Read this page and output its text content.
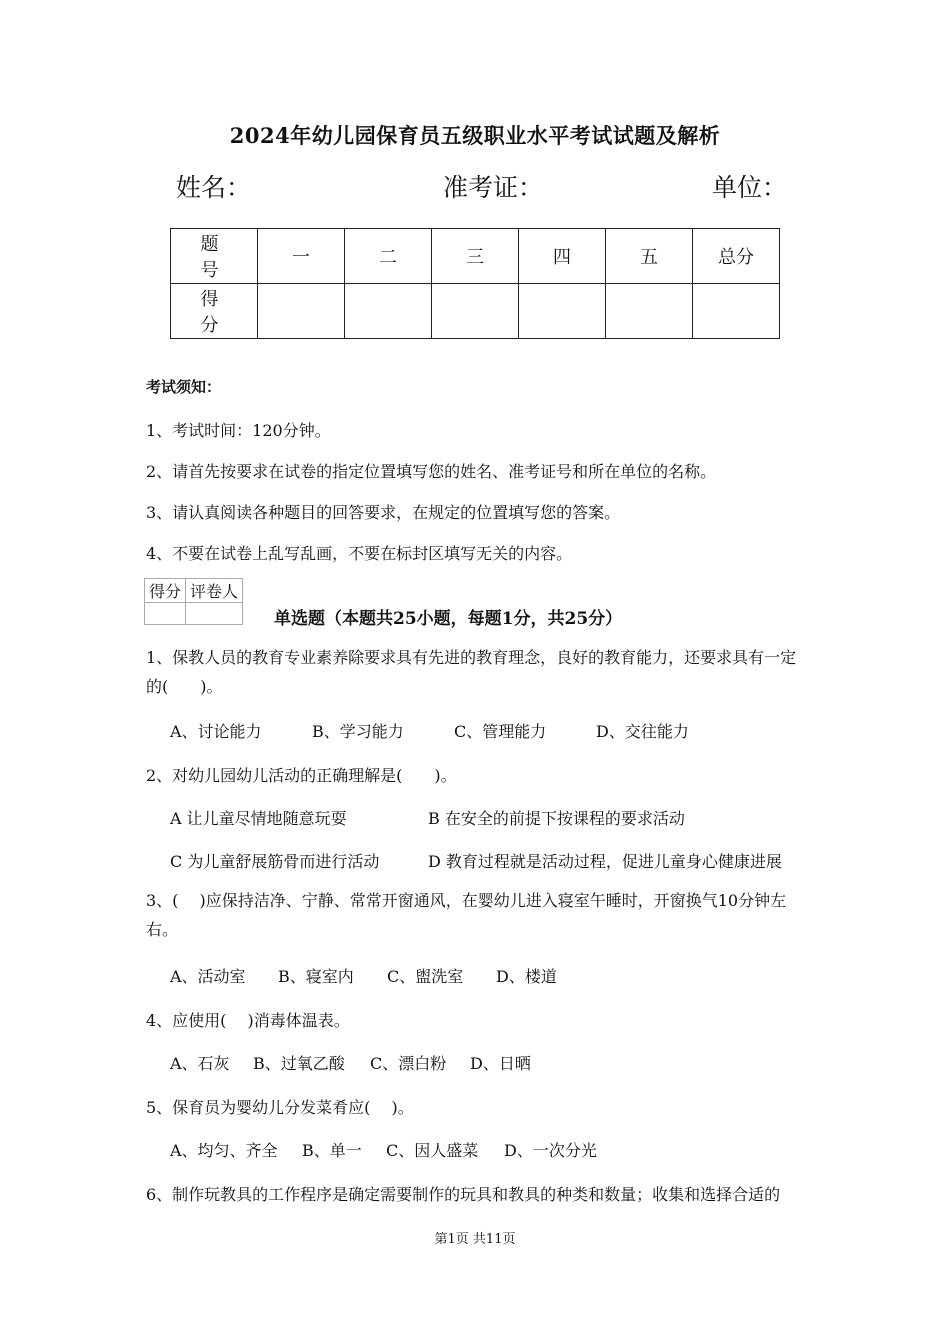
2024年幼儿园保育员五级职业水平考试试题及解析
姓名：	准考证：	单位：
题　号	一	二	三	四	五	总分
得　分						
考试须知：
1、考试时间：120分钟。
2、请首先按要求在试卷的指定位置填写您的姓名、准考证号和所在单位的名称。
3、请认真阅读各种题目的回答要求，在规定的位置填写您的答案。
4、不要在试卷上乱写乱画，不要在标封区填写无关的内容。
得分	评卷人

单选题（本题共25小题，每题1分，共25分）
1、保教人员的教育专业素养除要求具有先进的教育理念，良好的教育能力，还要求具有一定的(　　)。
A、讨论能力	B、学习能力	C、管理能力	D、交往能力
2、对幼儿园幼儿活动的正确理解是(　　)。
A 让儿童尽情地随意玩耍	B 在安全的前提下按课程的要求活动
C 为儿童舒展筋骨而进行活动	D 教育过程就是活动过程，促进儿童身心健康进展
3、(　 )应保持洁净、宁静、常常开窗通风，在婴幼儿进入寝室午睡时，开窗换气10分钟左右。
A、活动室 B、寝室内 C、盥洗室 D、楼道
4、应使用(　 )消毒体温表。
A、石灰 B、过氧乙酸 C、漂白粉 D、日晒
5、保育员为婴幼儿分发菜肴应(　 )。
A、均匀、齐全 B、单一 C、因人盛菜 D、一次分光
6、制作玩教具的工作程序是确定需要制作的玩具和教具的种类和数量；收集和选择合适的
第1页 共11页
